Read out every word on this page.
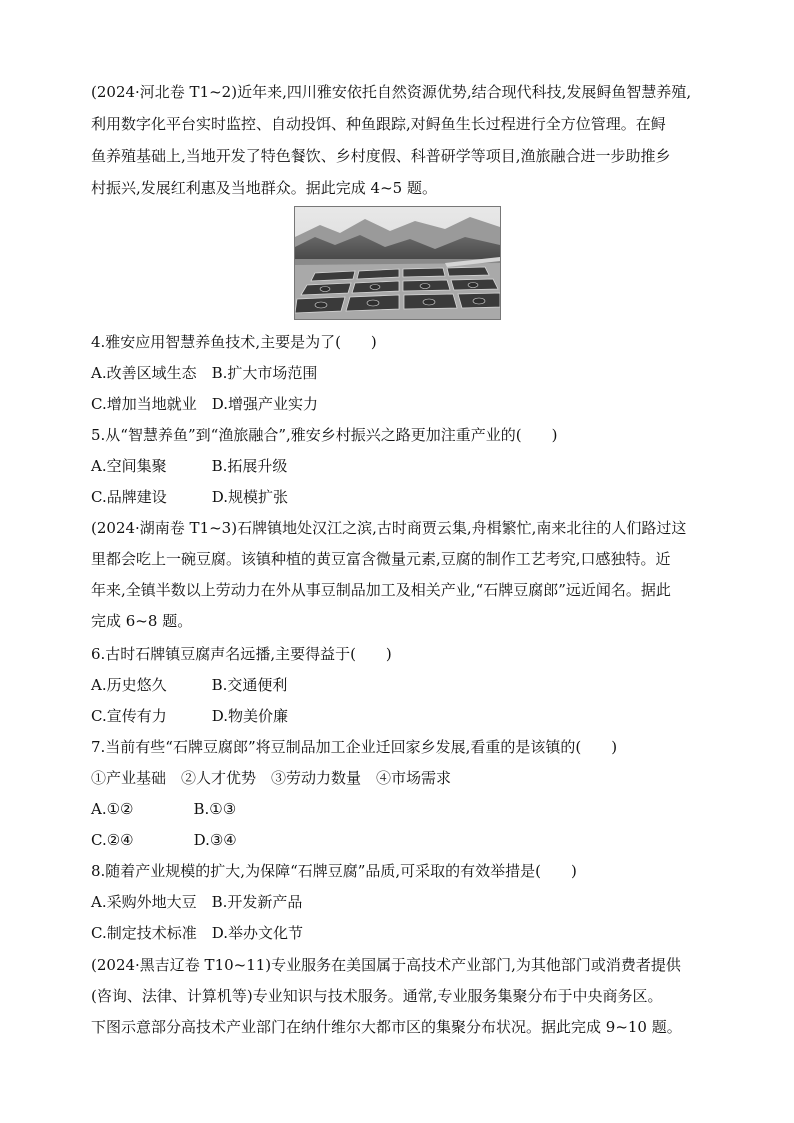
(2024·河北卷 T1~2)近年来,四川雅安依托自然资源优势,结合现代科技,发展鲟鱼智慧养殖,
利用数字化平台实时监控、自动投饵、种鱼跟踪,对鲟鱼生长过程进行全方位管理。在鲟
鱼养殖基础上,当地开发了特色餐饮、乡村度假、科普研学等项目,渔旅融合进一步助推乡
村振兴,发展红利惠及当地群众。据此完成 4~5 题。
4.雅安应用智慧养鱼技术,主要是为了(　　)
A.改善区域生态　B.扩大市场范围
C.增加当地就业　D.增强产业实力
5.从“智慧养鱼”到“渔旅融合”,雅安乡村振兴之路更加注重产业的(　　)
A.空间集聚　　　B.拓展升级
C.品牌建设　　　D.规模扩张
(2024·湖南卷 T1~3)石牌镇地处汉江之滨,古时商贾云集,舟楫繁忙,南来北往的人们路过这
里都会吃上一碗豆腐。该镇种植的黄豆富含微量元素,豆腐的制作工艺考究,口感独特。近
年来,全镇半数以上劳动力在外从事豆制品加工及相关产业,“石牌豆腐郎”远近闻名。据此
完成 6~8 题。
6.古时石牌镇豆腐声名远播,主要得益于(　　)
A.历史悠久　　　B.交通便利
C.宣传有力　　　D.物美价廉
7.当前有些“石牌豆腐郎”将豆制品加工企业迁回家乡发展,看重的是该镇的(　　)
①产业基础　②人才优势　③劳动力数量　④市场需求
A.①②　　　　B.①③
C.②④　　　　D.③④
8.随着产业规模的扩大,为保障“石牌豆腐”品质,可采取的有效举措是(　　)
A.采购外地大豆　B.开发新产品
C.制定技术标准　D.举办文化节
(2024·黑吉辽卷 T10~11)专业服务在美国属于高技术产业部门,为其他部门或消费者提供
(咨询、法律、计算机等)专业知识与技术服务。通常,专业服务集聚分布于中央商务区。
下图示意部分高技术产业部门在纳什维尔大都市区的集聚分布状况。据此完成 9~10 题。
